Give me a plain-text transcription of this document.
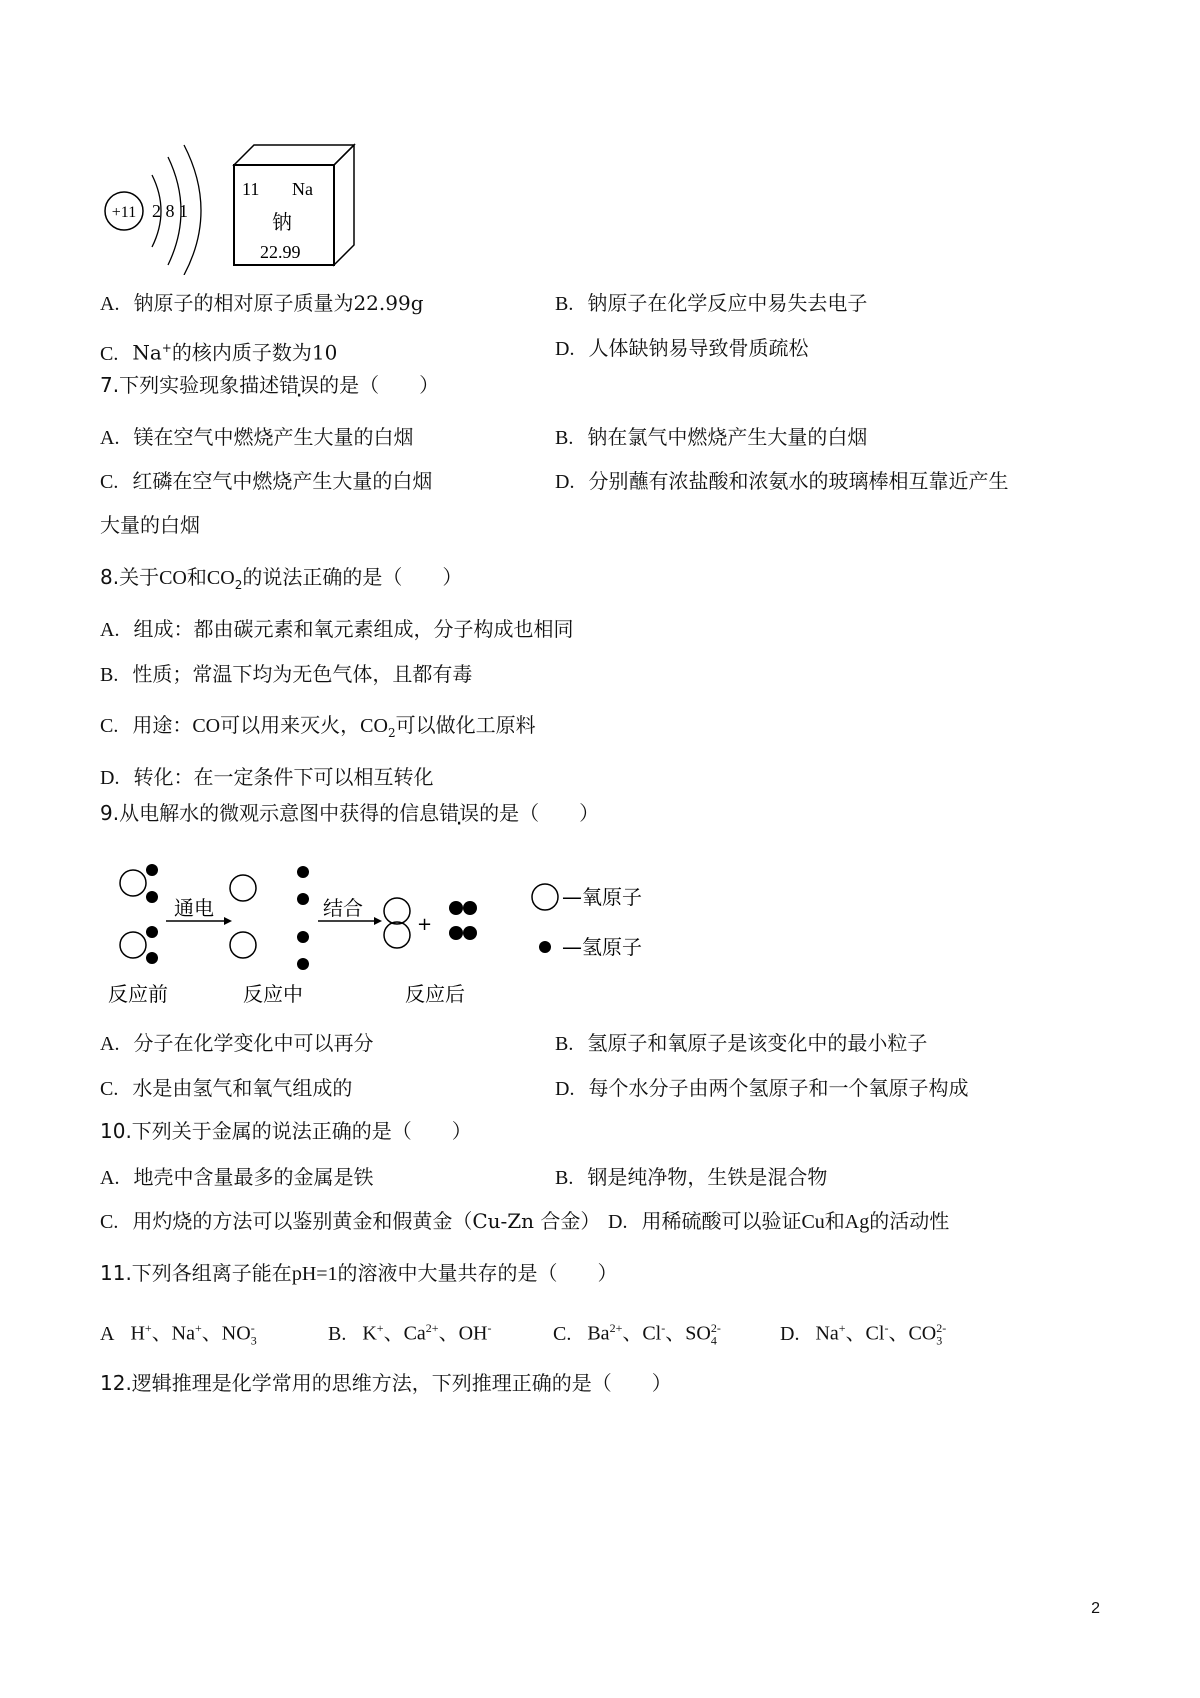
+11 2 8 1
11 Na
钠
22.99
A. 钠原子的相对原子质量为22.99g	B. 钠原子在化学反应中易失去电子
C. Na+的核内质子数为10	D. 人体缺钠易导致骨质疏松
7.下列实验现象描述错误的是（　　）
A. 镁在空气中燃烧产生大量的白烟	B. 钠在氯气中燃烧产生大量的白烟
C. 红磷在空气中燃烧产生大量的白烟	D. 分别蘸有浓盐酸和浓氨水的玻璃棒相互靠近产生
大量的白烟
8.关于CO和$CO_2$的说法正确的是（　　）
A. 组成：都由碳元素和氧元素组成，分子构成也相同
B. 性质；常温下均为无色气体，且都有毒
C. 用途：CO可以用来灭火，$CO_2$可以做化工原料
D. 转化：在一定条件下可以相互转化
9.从电解水的微观示意图中获得的信息错误的是（　　）
通电	结合
+
—氧原子
—氢原子
反应前	反应中	反应后
A. 分子在化学变化中可以再分	B. 氢原子和氧原子是该变化中的最小粒子
C. 水是由氢气和氧气组成的	D. 每个水分子由两个氢原子和一个氧原子构成
10.下列关于金属的说法正确的是（　　）
A. 地壳中含量最多的金属是铁	B. 钢是纯净物，生铁是混合物
C. 用灼烧的方法可以鉴别黄金和假黄金（Cu-Zn 合金） D. 用稀硫酸可以验证Cu和Ag的活动性
11.下列各组离子能在pH=1的溶液中大量共存的是（　　）
A H+、Na+、$NO_3^-$	B. K+、$Ca^{2+}$、OH-	C. $Ba^{2+}$、Cl-、$SO_4^{2-}$	D. Na+、Cl-、$CO_3^{2-}$
12.逻辑推理是化学常用的思维方法，下列推理正确的是（　　）
2
